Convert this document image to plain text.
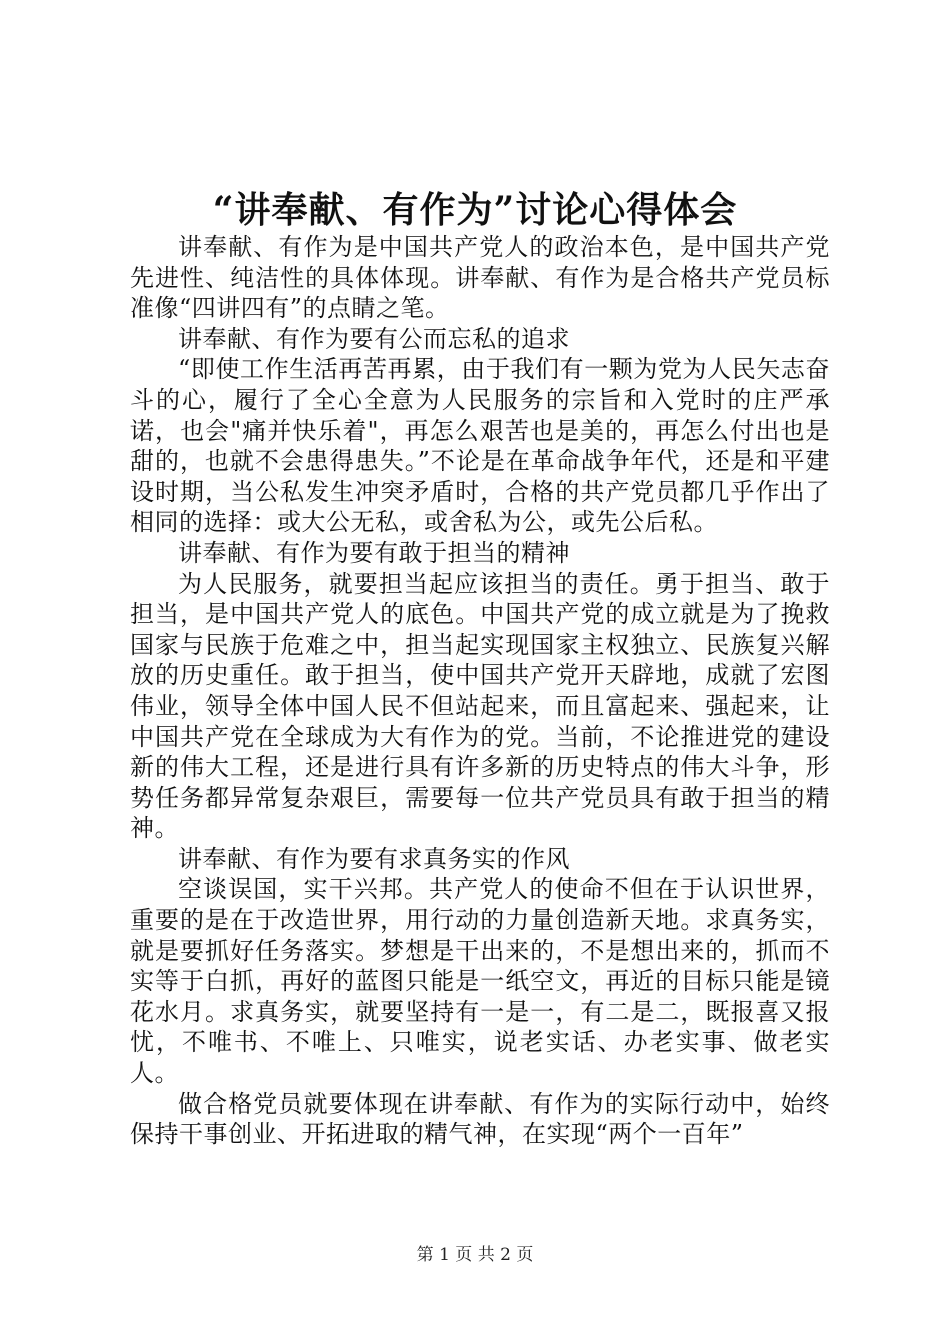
“讲奉献、有作为”讨论心得体会

讲奉献、有作为是中国共产党人的政治本色，是中国共产党先进性、纯洁性的具体体现。讲奉献、有作为是合格共产党员标准像“四讲四有”的点睛之笔。

讲奉献、有作为要有公而忘私的追求

“即使工作生活再苦再累，由于我们有一颗为党为人民矢志奋斗的心，履行了全心全意为人民服务的宗旨和入党时的庄严承诺，也会"痛并快乐着"，再怎么艰苦也是美的，再怎么付出也是甜的，也就不会患得患失。”不论是在革命战争年代，还是和平建设时期，当公私发生冲突矛盾时，合格的共产党员都几乎作出了相同的选择：或大公无私，或舍私为公，或先公后私。

讲奉献、有作为要有敢于担当的精神

为人民服务，就要担当起应该担当的责任。勇于担当、敢于担当，是中国共产党人的底色。中国共产党的成立就是为了挽救国家与民族于危难之中，担当起实现国家主权独立、民族复兴解放的历史重任。敢于担当，使中国共产党开天辟地，成就了宏图伟业，领导全体中国人民不但站起来，而且富起来、强起来，让中国共产党在全球成为大有作为的党。当前，不论推进党的建设新的伟大工程，还是进行具有许多新的历史特点的伟大斗争，形势任务都异常复杂艰巨，需要每一位共产党员具有敢于担当的精神。

讲奉献、有作为要有求真务实的作风

空谈误国，实干兴邦。共产党人的使命不但在于认识世界，重要的是在于改造世界，用行动的力量创造新天地。求真务实，就是要抓好任务落实。梦想是干出来的，不是想出来的，抓而不实等于白抓，再好的蓝图只能是一纸空文，再近的目标只能是镜花水月。求真务实，就要坚持有一是一，有二是二，既报喜又报忧，不唯书、不唯上、只唯实，说老实话、办老实事、做老实人。

做合格党员就要体现在讲奉献、有作为的实际行动中，始终保持干事创业、开拓进取的精气神，在实现“两个一百年”

第 1 页 共 2 页
